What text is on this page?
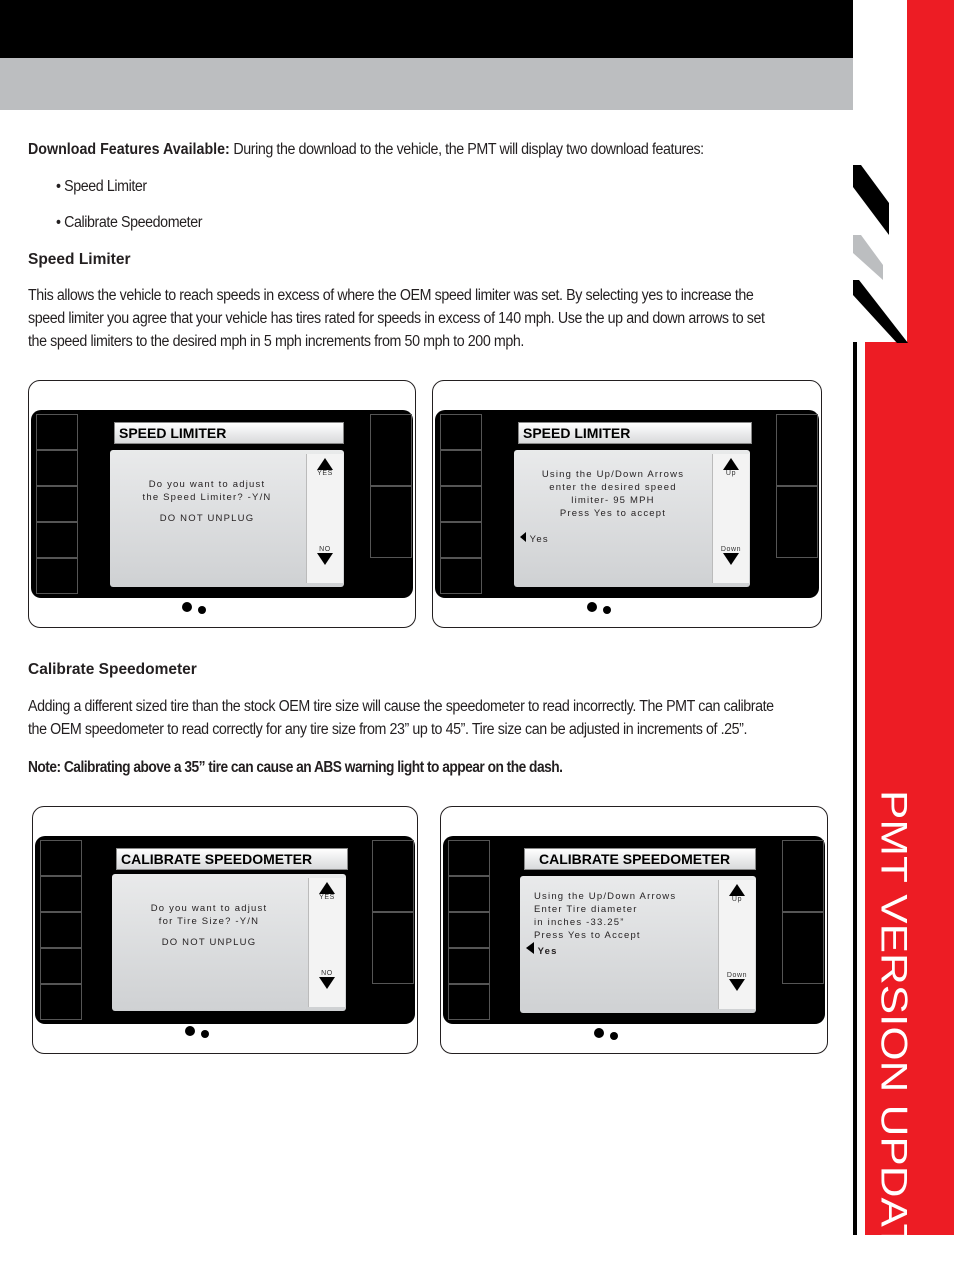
PMT VERSION UPDATE
Download Features Available: During the download to the vehicle, the PMT will display two download features:
• Speed Limiter
• Calibrate Speedometer
Speed Limiter
This allows the vehicle to reach speeds in excess of where the OEM speed limiter was set. By selecting yes to increase the speed limiter you agree that your vehicle has tires rated for speeds in excess of 140 mph. Use the up and down arrows to set the speed limiters to the desired mph in 5 mph increments from 50 mph to 200 mph.
SPEED LIMITER
Do you want to adjust
the Speed Limiter? -Y/N
DO NOT UNPLUG
YES
NO
BULLY DOG
SPEED LIMITER
Using the Up/Down Arrows
enter the desired speed
limiter- 95 MPH
Press Yes to accept
Yes
Up
Down
BULLY DOG
Calibrate Speedometer
Adding a different sized tire than the stock OEM tire size will cause the speedometer to read incorrectly. The PMT can calibrate the OEM speedometer to read correctly for any tire size from 23” up to 45”. Tire size can be adjusted in increments of .25”.
Note: Calibrating above a 35” tire can cause an ABS warning light to appear on the dash.
CALIBRATE SPEEDOMETER
Do you want to adjust
for Tire Size? -Y/N
DO NOT UNPLUG
YES
NO
BULLY DOG
CALIBRATE SPEEDOMETER
Using the Up/Down Arrows
Enter Tire diameter
in inches -33.25”
Press Yes to Accept
Yes
Up
Down
BULLY DOG
